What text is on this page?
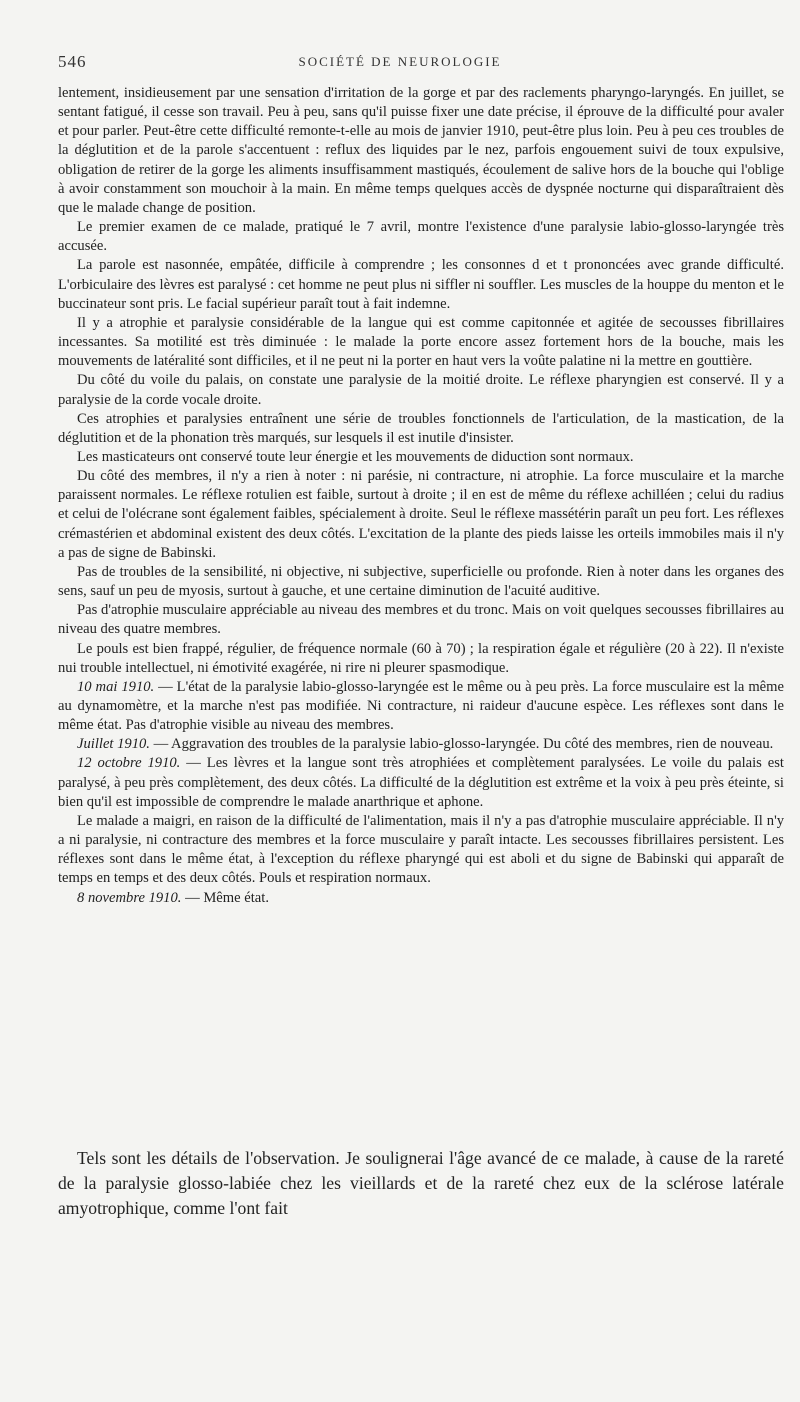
546	SOCIÉTÉ DE NEUROLOGIE

lentement, insidieusement par une sensation d'irritation de la gorge et par des raclements pharyngo-laryngés. En juillet, se sentant fatigué, il cesse son travail. Peu à peu, sans qu'il puisse fixer une date précise, il éprouve de la difficulté pour avaler et pour parler. Peut-être cette difficulté remonte-t-elle au mois de janvier 1910, peut-être plus loin. Peu à peu ces troubles de la déglutition et de la parole s'accentuent : reflux des liquides par le nez, parfois engouement suivi de toux expulsive, obligation de retirer de la gorge les aliments insuffisamment mastiqués, écoulement de salive hors de la bouche qui l'oblige à avoir constamment son mouchoir à la main. En même temps quelques accès de dyspnée nocturne qui disparaîtraient dès que le malade change de position.

Le premier examen de ce malade, pratiqué le 7 avril, montre l'existence d'une paralysie labio-glosso-laryngée très accusée.

La parole est nasonnée, empâtée, difficile à comprendre ; les consonnes d et t prononcées avec grande difficulté. L'orbiculaire des lèvres est paralysé : cet homme ne peut plus ni siffler ni souffler. Les muscles de la houppe du menton et le buccinateur sont pris. Le facial supérieur paraît tout à fait indemne.

Il y a atrophie et paralysie considérable de la langue qui est comme capitonnée et agitée de secousses fibrillaires incessantes. Sa motilité est très diminuée : le malade la porte encore assez fortement hors de la bouche, mais les mouvements de latéralité sont difficiles, et il ne peut ni la porter en haut vers la voûte palatine ni la mettre en gouttière.

Du côté du voile du palais, on constate une paralysie de la moitié droite. Le réflexe pharyngien est conservé. Il y a paralysie de la corde vocale droite.

Ces atrophies et paralysies entraînent une série de troubles fonctionnels de l'articulation, de la mastication, de la déglutition et de la phonation très marqués, sur lesquels il est inutile d'insister.

Les masticateurs ont conservé toute leur énergie et les mouvements de diduction sont normaux.

Du côté des membres, il n'y a rien à noter : ni parésie, ni contracture, ni atrophie. La force musculaire et la marche paraissent normales. Le réflexe rotulien est faible, surtout à droite ; il en est de même du réflexe achilléen ; celui du radius et celui de l'olécrane sont également faibles, spécialement à droite. Seul le réflexe massétérin paraît un peu fort. Les réflexes crémastérien et abdominal existent des deux côtés. L'excitation de la plante des pieds laisse les orteils immobiles mais il n'y a pas de signe de Babinski.

Pas de troubles de la sensibilité, ni objective, ni subjective, superficielle ou profonde. Rien à noter dans les organes des sens, sauf un peu de myosis, surtout à gauche, et une certaine diminution de l'acuité auditive.

Pas d'atrophie musculaire appréciable au niveau des membres et du tronc. Mais on voit quelques secousses fibrillaires au niveau des quatre membres.

Le pouls est bien frappé, régulier, de fréquence normale (60 à 70) ; la respiration égale et régulière (20 à 22). Il n'existe nui trouble intellectuel, ni émotivité exagérée, ni rire ni pleurer spasmodique.

10 mai 1910. — L'état de la paralysie labio-glosso-laryngée est le même ou à peu près. La force musculaire est la même au dynamomètre, et la marche n'est pas modifiée. Ni contracture, ni raideur d'aucune espèce. Les réflexes sont dans le même état. Pas d'atrophie visible au niveau des membres.

Juillet 1910. — Aggravation des troubles de la paralysie labio-glosso-laryngée. Du côté des membres, rien de nouveau.

12 octobre 1910. — Les lèvres et la langue sont très atrophiées et complètement paralysées. Le voile du palais est paralysé, à peu près complètement, des deux côtés. La difficulté de la déglutition est extrême et la voix à peu près éteinte, si bien qu'il est impossible de comprendre le malade anarthrique et aphone.

Le malade a maigri, en raison de la difficulté de l'alimentation, mais il n'y a pas d'atrophie musculaire appréciable. Il n'y a ni paralysie, ni contracture des membres et la force musculaire y paraît intacte. Les secousses fibrillaires persistent. Les réflexes sont dans le même état, à l'exception du réflexe pharyngé qui est aboli et du signe de Babinski qui apparaît de temps en temps et des deux côtés. Pouls et respiration normaux.

8 novembre 1910. — Même état.

Tels sont les détails de l'observation. Je soulignerai l'âge avancé de ce malade, à cause de la rareté de la paralysie glosso-labiée chez les vieillards et de la rareté chez eux de la sclérose latérale amyotrophique, comme l'ont fait
